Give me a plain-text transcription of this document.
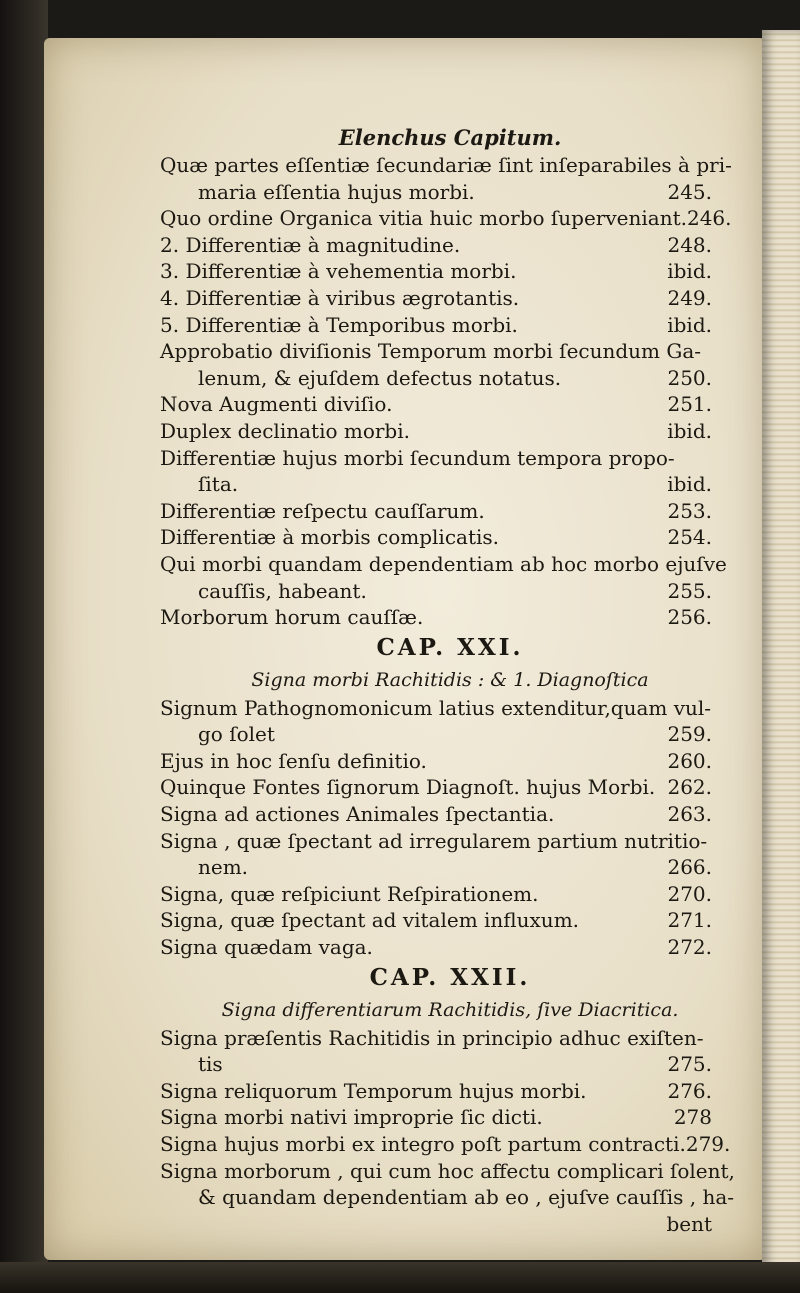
Elenchus Capitum.
Quæ partes eſſentiæ ſecundariæ ſint inſeparabiles à pri-
maria eſſentia hujus morbi.	245.
Quo ordine Organica vitia huic morbo ſuperveniant.246.
2. Differentiæ à magnitudine.	248.
3. Differentiæ à vehementia morbi.	ibid.
4. Differentiæ à viribus ægrotantis.	249.
5. Differentiæ à Temporibus morbi.	ibid.
Approbatio diviſionis Temporum morbi ſecundum Ga-
lenum, & ejuſdem defectus notatus.	250.
Nova Augmenti diviſio.	251.
Duplex declinatio morbi.	ibid.
Differentiæ hujus morbi ſecundum tempora propo-
ſita.	ibid.
Differentiæ reſpectu cauſſarum.	253.
Differentiæ à morbis complicatis.	254.
Qui morbi quandam dependentiam ab hoc morbo ejuſve
cauſſis, habeant.	255.
Morborum horum cauſſæ.	256.
CAP. XXI.
Signa morbi Rachitidis : & 1. Diagnoſtica
Signum Pathognomonicum latius extenditur,quam vul-
go ſolet	259.
Ejus in hoc ſenſu definitio.	260.
Quinque Fontes ſignorum Diagnoſt. hujus Morbi. 262.
Signa ad actiones Animales ſpectantia.	263.
Signa , quæ ſpectant ad irregularem partium nutritio-
nem.	266.
Signa, quæ reſpiciunt Reſpirationem.	270.
Signa, quæ ſpectant ad vitalem influxum.	271.
Signa quædam vaga.	272.
CAP. XXII.
Signa differentiarum Rachitidis, ſive Diacritica.
Signa præſentis Rachitidis in principio adhuc exiſten-
tis	275.
Signa reliquorum Temporum hujus morbi.	276.
Signa morbi nativi improprie ſic dicti.	278
Signa hujus morbi ex integro poſt partum contracti.279.
Signa morborum , qui cum hoc affectu complicari ſolent,
& quandam dependentiam ab eo , ejuſve cauſſis , ha-
bent
